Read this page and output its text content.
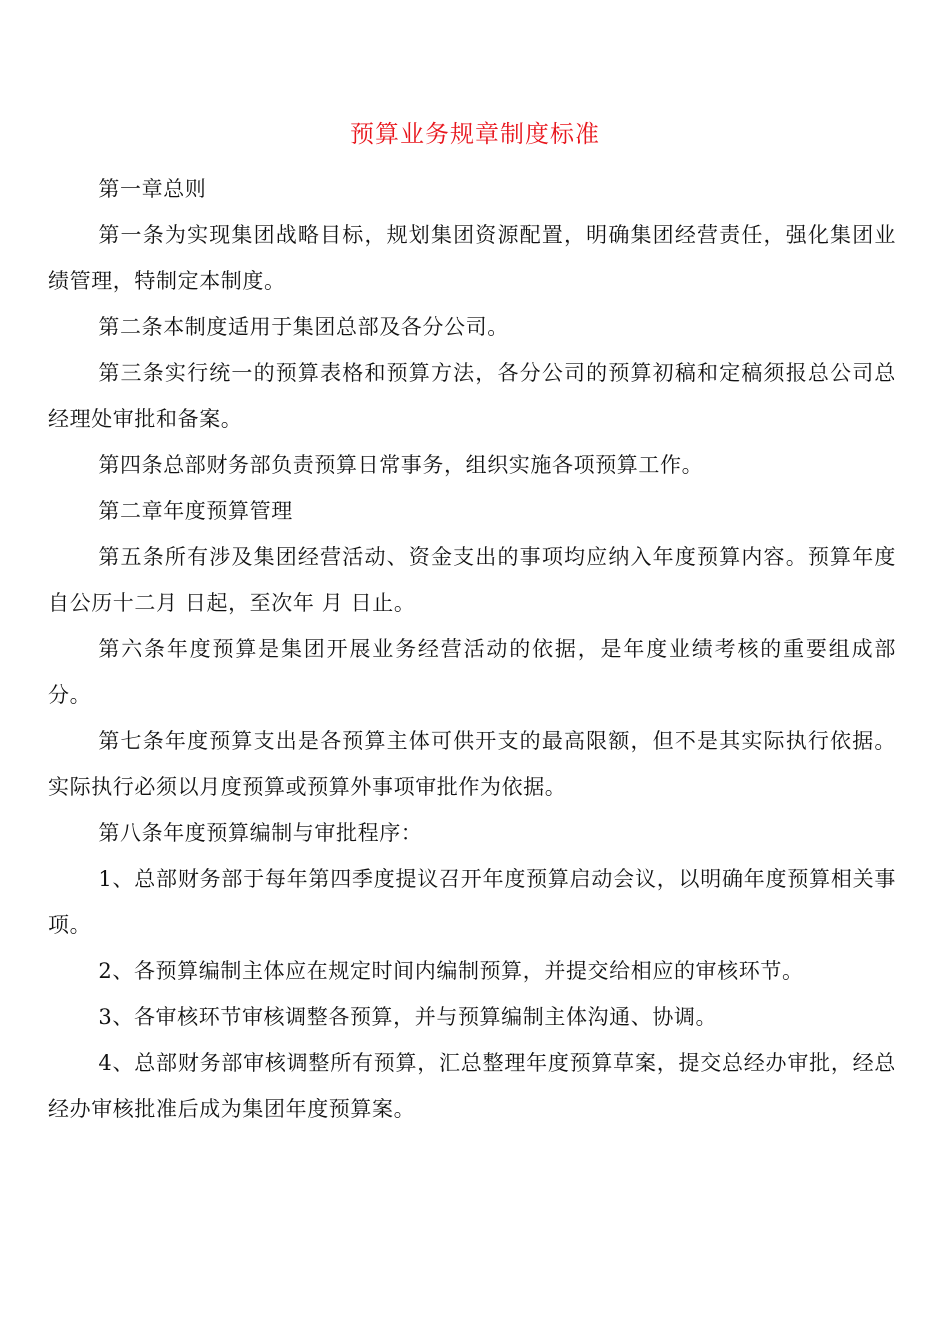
预算业务规章制度标准

第一章总则

第一条为实现集团战略目标，规划集团资源配置，明确集团经营责任，强化集团业绩管理，特制定本制度。

第二条本制度适用于集团总部及各分公司。

第三条实行统一的预算表格和预算方法，各分公司的预算初稿和定稿须报总公司总经理处审批和备案。

第四条总部财务部负责预算日常事务，组织实施各项预算工作。

第二章年度预算管理

第五条所有涉及集团经营活动、资金支出的事项均应纳入年度预算内容。预算年度自公历十二月 日起，至次年 月 日止。

第六条年度预算是集团开展业务经营活动的依据，是年度业绩考核的重要组成部分。

第七条年度预算支出是各预算主体可供开支的最高限额，但不是其实际执行依据。实际执行必须以月度预算或预算外事项审批作为依据。

第八条年度预算编制与审批程序：

1、总部财务部于每年第四季度提议召开年度预算启动会议，以明确年度预算相关事项。

2、各预算编制主体应在规定时间内编制预算，并提交给相应的审核环节。

3、各审核环节审核调整各预算，并与预算编制主体沟通、协调。

4、总部财务部审核调整所有预算，汇总整理年度预算草案，提交总经办审批，经总经办审核批准后成为集团年度预算案。
